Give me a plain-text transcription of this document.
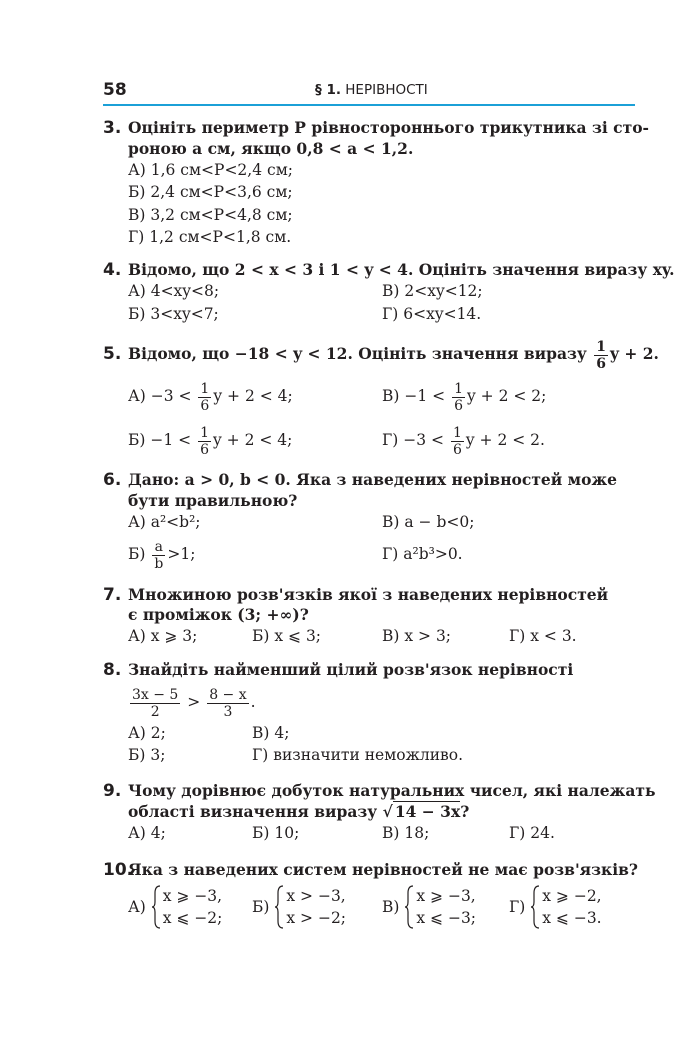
58	§ 1. НЕРІВНОСТІ
3. Оцініть периметр P рівностороннього трикутника зі сто-
роною a см, якщо 0,8 < a < 1,2.
А) 1,6 см<P<2,4 см;
Б) 2,4 см<P<3,6 см;
В) 3,2 см<P<4,8 см;
Г) 1,2 см<P<1,8 см.
4. Відомо, що 2 < x < 3 і 1 < y < 4. Оцініть значення виразу xy.
А) 4<xy<8;	В) 2<xy<12;
Б) 3<xy<7;	Г) 6<xy<14.
5. Відомо, що −18 < y < 12. Оцініть значення виразу $\frac{1}{6}$ y + 2.
$А) -3 < \frac{1}{6}$ y + 2 < 4;	$В) -1 < \frac{1}{6}$ y + 2 < 2;
$Б) -1 < \frac{1}{6}$ y + 2 < 4;	$Г) -3 < \frac{1}{6}$ y + 2 < 2.
6. Дано: a > 0, b < 0. Яка з наведених нерівностей може
бути правильною?
А) a²<b²;	В) a − b<0;
$Б) \frac{a}{b} >1$;	Г) a²b³>0.
7. Множиною розв'язків якої з наведених нерівностей
є проміжок (3; +∞)?
А) x ⩾ 3;	Б) x ⩽ 3;	В) x > 3;	Г) x < 3.
8. Знайдіть найменший цілий розв'язок нерівності
$\frac{3x - 5}{2} > \frac{8 - x}{3}$ .
А) 2;	В) 4;
Б) 3;	Г) визначити неможливо.
9. Чому дорівнює добуток натуральних чисел, які належать
області визначення виразу √ 14 − 3x?
А) 4;	Б) 10;	В) 18;	Г) 24.
10.
Яка з наведених систем нерівностей не має розв'язків?
А)
x ⩾ −3,
x ⩽ −2;
Б)
x > −3,
x > −2;
В)
x ⩾ −3,
x ⩽ −3;
Г)
x ⩾ −2,
x ⩽ −3.
